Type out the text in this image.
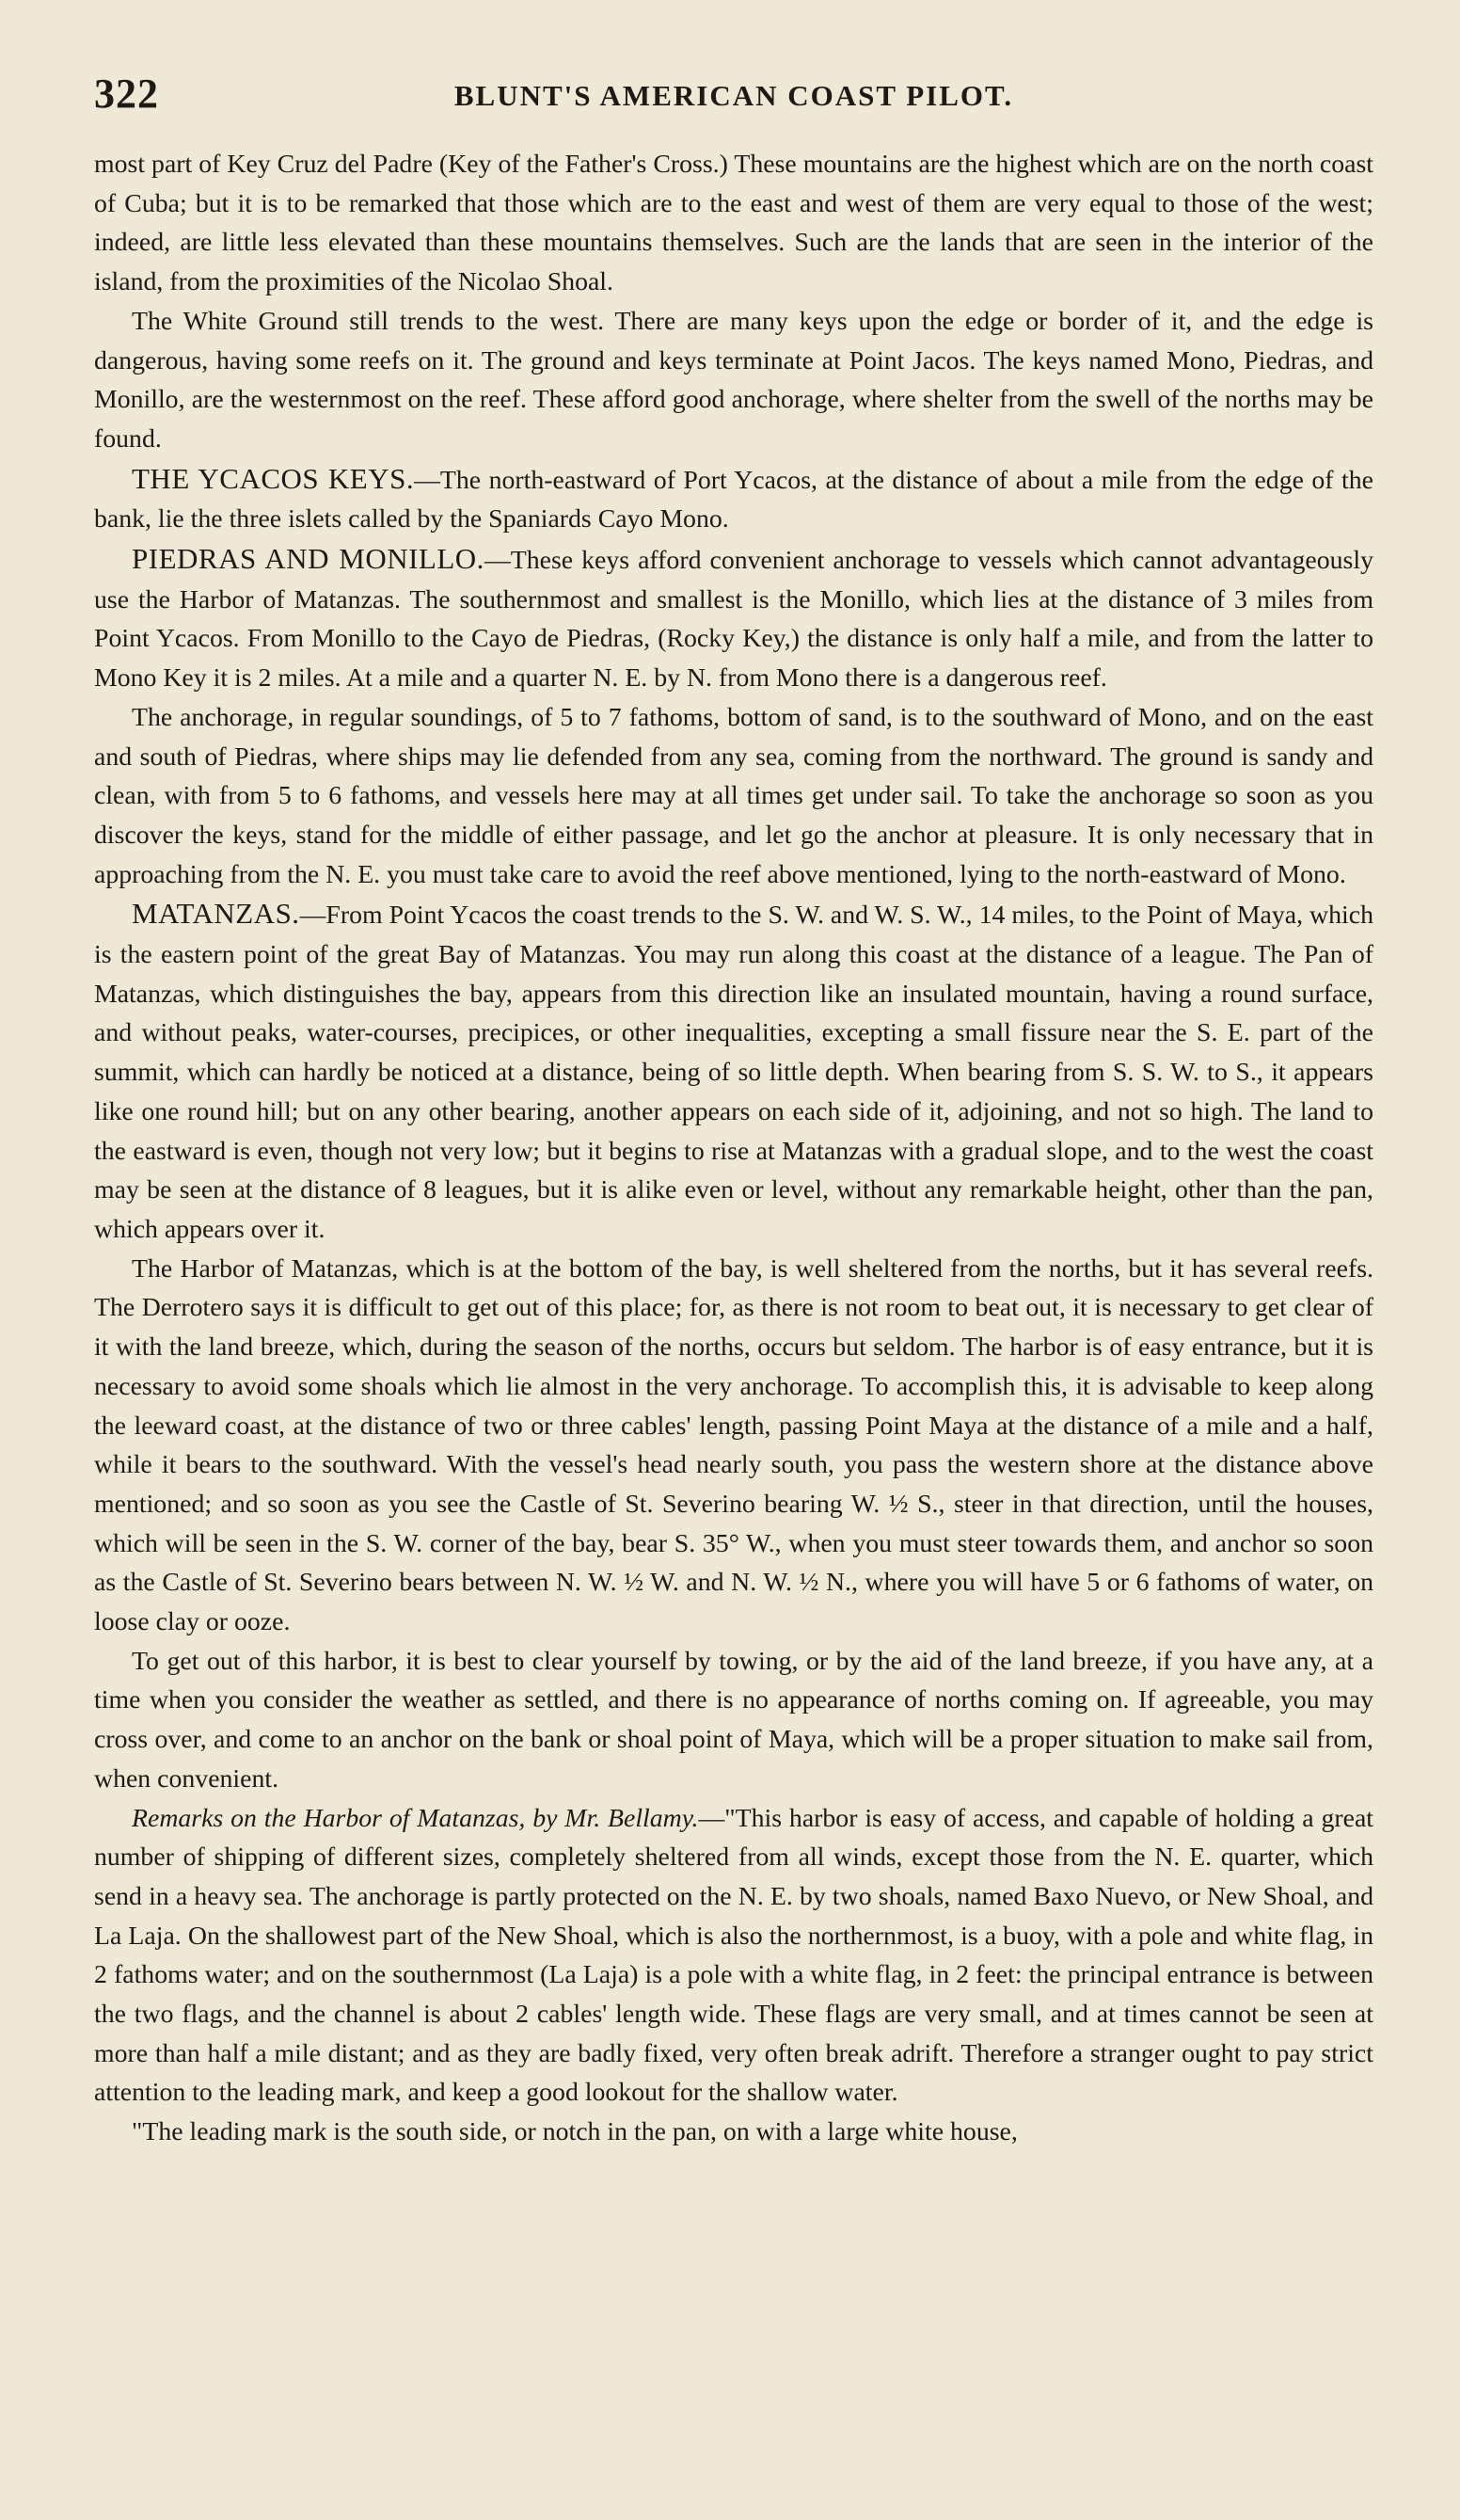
322	BLUNT'S AMERICAN COAST PILOT.

most part of Key Cruz del Padre (Key of the Father's Cross.) These mountains are the highest which are on the north coast of Cuba; but it is to be remarked that those which are to the east and west of them are very equal to those of the west; indeed, are little less elevated than these mountains themselves. Such are the lands that are seen in the interior of the island, from the proximities of the Nicolao Shoal.

The White Ground still trends to the west. There are many keys upon the edge or border of it, and the edge is dangerous, having some reefs on it. The ground and keys terminate at Point Jacos. The keys named Mono, Piedras, and Monillo, are the westernmost on the reef. These afford good anchorage, where shelter from the swell of the norths may be found.

THE YCACOS KEYS.—The north-eastward of Port Ycacos, at the distance of about a mile from the edge of the bank, lie the three islets called by the Spaniards Cayo Mono.

PIEDRAS AND MONILLO.—These keys afford convenient anchorage to vessels which cannot advantageously use the Harbor of Matanzas. The southernmost and smallest is the Monillo, which lies at the distance of 3 miles from Point Ycacos. From Monillo to the Cayo de Piedras, (Rocky Key,) the distance is only half a mile, and from the latter to Mono Key it is 2 miles. At a mile and a quarter N. E. by N. from Mono there is a dangerous reef.

The anchorage, in regular soundings, of 5 to 7 fathoms, bottom of sand, is to the southward of Mono, and on the east and south of Piedras, where ships may lie defended from any sea, coming from the northward. The ground is sandy and clean, with from 5 to 6 fathoms, and vessels here may at all times get under sail. To take the anchorage so soon as you discover the keys, stand for the middle of either passage, and let go the anchor at pleasure. It is only necessary that in approaching from the N. E. you must take care to avoid the reef above mentioned, lying to the north-eastward of Mono.

MATANZAS.—From Point Ycacos the coast trends to the S. W. and W. S. W., 14 miles, to the Point of Maya, which is the eastern point of the great Bay of Matanzas. You may run along this coast at the distance of a league. The Pan of Matanzas, which distinguishes the bay, appears from this direction like an insulated mountain, having a round surface, and without peaks, water-courses, precipices, or other inequalities, excepting a small fissure near the S. E. part of the summit, which can hardly be noticed at a distance, being of so little depth. When bearing from S. S. W. to S., it appears like one round hill; but on any other bearing, another appears on each side of it, adjoining, and not so high. The land to the eastward is even, though not very low; but it begins to rise at Matanzas with a gradual slope, and to the west the coast may be seen at the distance of 8 leagues, but it is alike even or level, without any remarkable height, other than the pan, which appears over it.

The Harbor of Matanzas, which is at the bottom of the bay, is well sheltered from the norths, but it has several reefs. The Derrotero says it is difficult to get out of this place; for, as there is not room to beat out, it is necessary to get clear of it with the land breeze, which, during the season of the norths, occurs but seldom. The harbor is of easy entrance, but it is necessary to avoid some shoals which lie almost in the very anchorage. To accomplish this, it is advisable to keep along the leeward coast, at the distance of two or three cables' length, passing Point Maya at the distance of a mile and a half, while it bears to the southward. With the vessel's head nearly south, you pass the western shore at the distance above mentioned; and so soon as you see the Castle of St. Severino bearing W. ½ S., steer in that direction, until the houses, which will be seen in the S. W. corner of the bay, bear S. 35° W., when you must steer towards them, and anchor so soon as the Castle of St. Severino bears between N. W. ½ W. and N. W. ½ N., where you will have 5 or 6 fathoms of water, on loose clay or ooze.

To get out of this harbor, it is best to clear yourself by towing, or by the aid of the land breeze, if you have any, at a time when you consider the weather as settled, and there is no appearance of norths coming on. If agreeable, you may cross over, and come to an anchor on the bank or shoal point of Maya, which will be a proper situation to make sail from, when convenient.

Remarks on the Harbor of Matanzas, by Mr. Bellamy.—"This harbor is easy of access, and capable of holding a great number of shipping of different sizes, completely sheltered from all winds, except those from the N. E. quarter, which send in a heavy sea. The anchorage is partly protected on the N. E. by two shoals, named Baxo Nuevo, or New Shoal, and La Laja. On the shallowest part of the New Shoal, which is also the northernmost, is a buoy, with a pole and white flag, in 2 fathoms water; and on the southernmost (La Laja) is a pole with a white flag, in 2 feet: the principal entrance is between the two flags, and the channel is about 2 cables' length wide. These flags are very small, and at times cannot be seen at more than half a mile distant; and as they are badly fixed, very often break adrift. Therefore a stranger ought to pay strict attention to the leading mark, and keep a good lookout for the shallow water.

"The leading mark is the south side, or notch in the pan, on with a large white house,
